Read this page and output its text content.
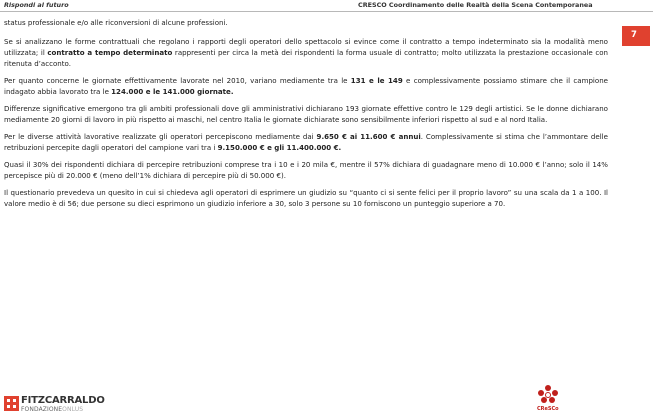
Rispondi al futuro	CRESCO Coordinamento delle Realtà della Scena Contemporanea
7

status professionale e/o alle riconversioni di alcune professioni.

Se si analizzano le forme contrattuali che regolano i rapporti degli operatori dello spettacolo si evince come il contratto a tempo indeterminato sia la modalità meno utilizzata; il contratto a tempo determinato rappresenti per circa la metà dei rispondenti la forma usuale di contratto; molto utilizzata la prestazione occasionale con ritenuta d’acconto.

Per quanto concerne le giornate effettivamente lavorate nel 2010, variano mediamente tra le 131 e le 149 e complessivamente possiamo stimare che il campione indagato abbia lavorato tra le 124.000 e le 141.000 giornate.

Differenze significative emergono tra gli ambiti professionali dove gli amministrativi dichiarano 193 giornate effettive contro le 129 degli artistici. Se le donne dichiarano mediamente 20 giorni di lavoro in più rispetto ai maschi, nel centro Italia le giornate dichiarate sono sensibilmente inferiori rispetto al sud e al nord Italia.

Per le diverse attività lavorative realizzate gli operatori percepiscono mediamente dai 9.650 € ai 11.600 € annui. Complessivamente si stima che l’ammontare delle retribuzioni percepite dagli operatori del campione vari tra i 9.150.000 € e gli 11.400.000 €.

Quasi il 30% dei rispondenti dichiara di percepire retribuzioni comprese tra i 10 e i 20 mila €, mentre il 57% dichiara di guadagnare meno di 10.000 € l’anno; solo il 14% percepisce più di 20.000 € (meno dell’1% dichiara di percepire più di 50.000 €).

Il questionario prevedeva un quesito in cui si chiedeva agli operatori di esprimere un giudizio su “quanto ci si sente felici per il proprio lavoro” su una scala da 1 a 100. Il valore medio è di 56; due persone su dieci esprimono un giudizio inferiore a 30, solo 3 persone su 10 forniscono un punteggio superiore a 70.

FITZCARRALDO
FONDAZIONEONLUS	CReSCo
